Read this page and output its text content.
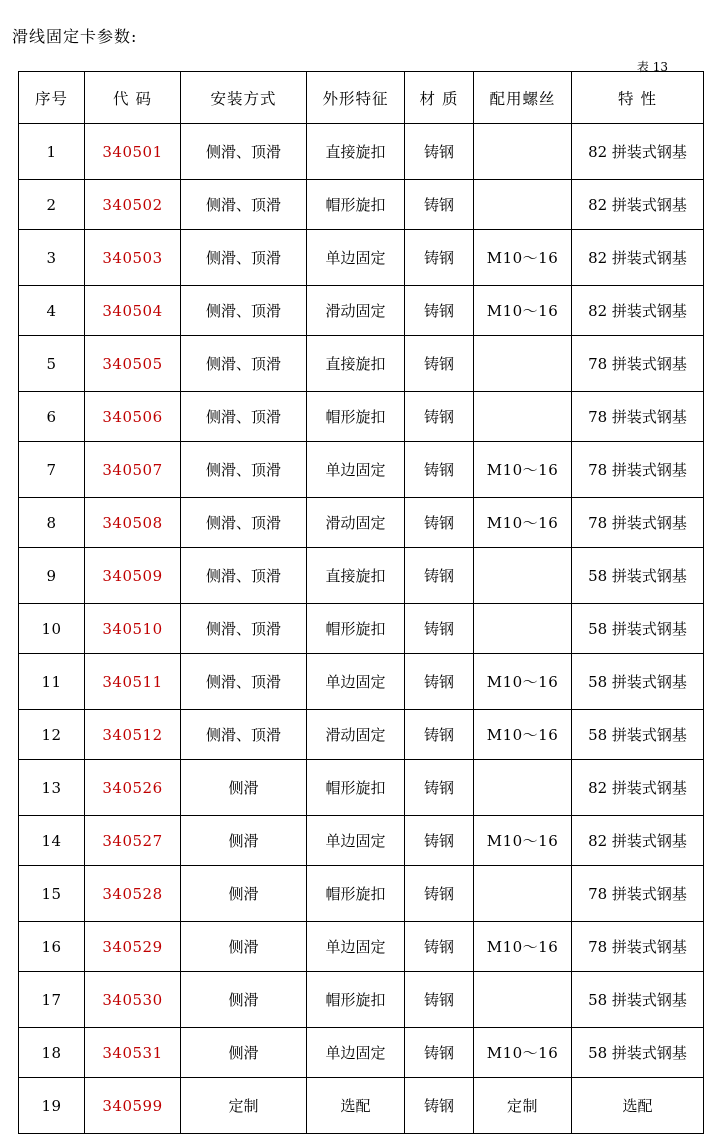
滑线固定卡参数:
表 13
序号	代 码	安装方式	外形特征	材 质	配用螺丝	特 性
1	340501	侧滑、顶滑	直接旋扣	铸钢		82 拼装式钢基
2	340502	侧滑、顶滑	帽形旋扣	铸钢		82 拼装式钢基
3	340503	侧滑、顶滑	单边固定	铸钢	M10～16	82 拼装式钢基
4	340504	侧滑、顶滑	滑动固定	铸钢	M10～16	82 拼装式钢基
5	340505	侧滑、顶滑	直接旋扣	铸钢		78 拼装式钢基
6	340506	侧滑、顶滑	帽形旋扣	铸钢		78 拼装式钢基
7	340507	侧滑、顶滑	单边固定	铸钢	M10～16	78 拼装式钢基
8	340508	侧滑、顶滑	滑动固定	铸钢	M10～16	78 拼装式钢基
9	340509	侧滑、顶滑	直接旋扣	铸钢		58 拼装式钢基
10	340510	侧滑、顶滑	帽形旋扣	铸钢		58 拼装式钢基
11	340511	侧滑、顶滑	单边固定	铸钢	M10～16	58 拼装式钢基
12	340512	侧滑、顶滑	滑动固定	铸钢	M10～16	58 拼装式钢基
13	340526	侧滑	帽形旋扣	铸钢		82 拼装式钢基
14	340527	侧滑	单边固定	铸钢	M10～16	82 拼装式钢基
15	340528	侧滑	帽形旋扣	铸钢		78 拼装式钢基
16	340529	侧滑	单边固定	铸钢	M10～16	78 拼装式钢基
17	340530	侧滑	帽形旋扣	铸钢		58 拼装式钢基
18	340531	侧滑	单边固定	铸钢	M10～16	58 拼装式钢基
19	340599	定制	选配	铸钢	定制	选配
